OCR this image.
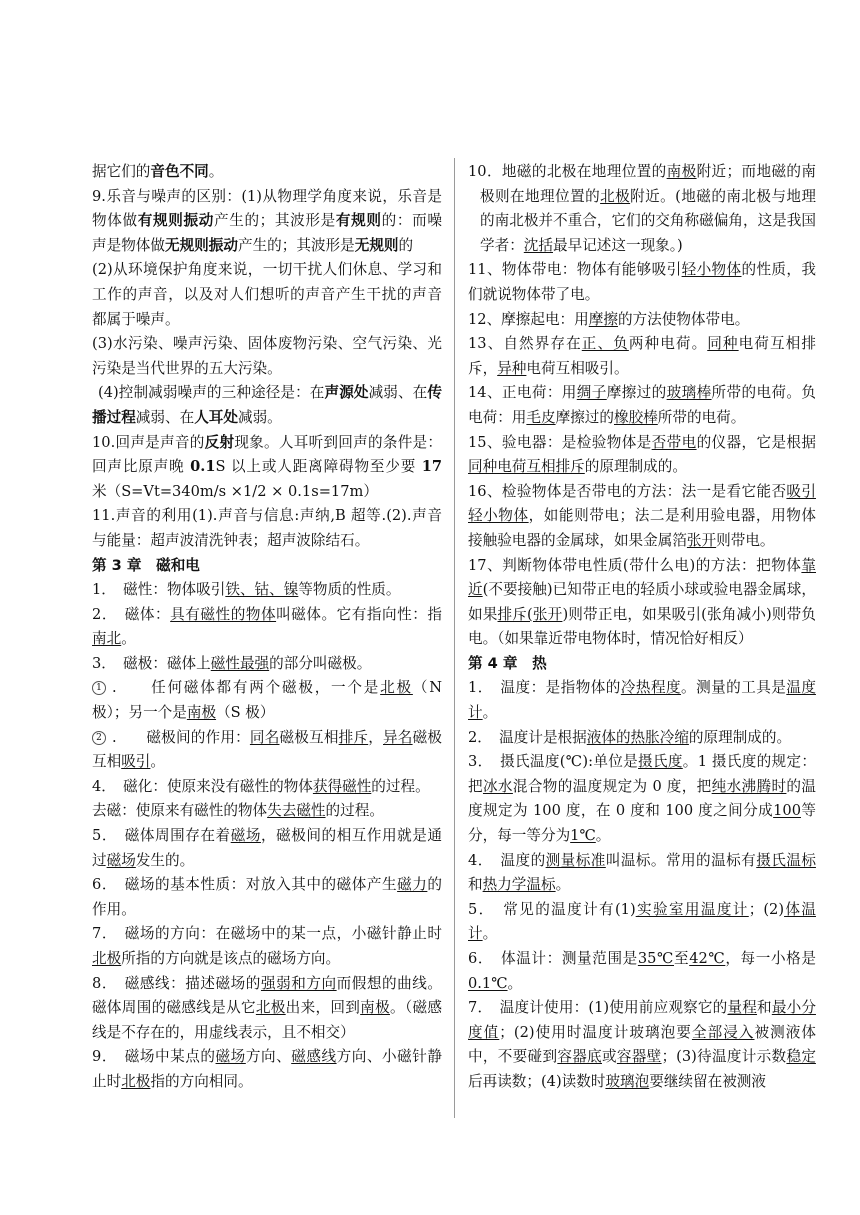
据它们的音色不同。

9.乐音与噪声的区别：(1)从物理学角度来说，乐音是物体做有规则振动产生的；其波形是有规则的：而噪声是物体做无规则振动产生的；其波形是无规则的

(2)从环境保护角度来说，一切干扰人们休息、学习和工作的声音，以及对人们想听的声音产生干扰的声音都属于噪声。

(3)水污染、噪声污染、固体废物污染、空气污染、光污染是当代世界的五大污染。

(4)控制减弱噪声的三种途径是：在声源处减弱、在传播过程减弱、在人耳处减弱。

10.回声是声音的反射现象。人耳听到回声的条件是：回声比原声晚 0.1S 以上或人距离障碍物至少要 17 米（S=Vt=340m/s ×1/2 × 0.1s=17m）

11.声音的利用(1).声音与信息:声纳,B 超等.(2).声音与能量：超声波清洗钟表；超声波除结石。

第 3 章　磁和电

1．　磁性：物体吸引铁、钴、镍等物质的性质。

2．　磁体：具有磁性的物体叫磁体。它有指向性：指南北。

3．　磁极：磁体上磁性最强的部分叫磁极。

1 .　　任何磁体都有两个磁极，一个是北极（N 极）；另一个是南极（S 极）

2 .　　磁极间的作用：同名磁极互相排斥，异名磁极互相吸引。

4．　磁化：使原来没有磁性的物体获得磁性的过程。

去磁：使原来有磁性的物体失去磁性的过程。

5．　磁体周围存在着磁场，磁极间的相互作用就是通过磁场发生的。

6．　磁场的基本性质：对放入其中的磁体产生磁力的作用。

7．　磁场的方向：在磁场中的某一点，小磁针静止时北极所指的方向就是该点的磁场方向。

8．　磁感线：描述磁场的强弱和方向而假想的曲线。磁体周围的磁感线是从它北极出来，回到南极。（磁感线是不存在的，用虚线表示，且不相交）

9．　磁场中某点的磁场方向、磁感线方向、小磁针静止时北极指的方向相同。

10．地磁的北极在地理位置的南极附近；而地磁的南极则在地理位置的北极附近。(地磁的南北极与地理的南北极并不重合，它们的交角称磁偏角，这是我国学者：沈括最早记述这一现象。)

11、物体带电：物体有能够吸引轻小物体的性质，我们就说物体带了电。

12、摩擦起电：用摩擦的方法使物体带电。

13、自然界存在正、负两种电荷。同种电荷互相排斥，异种电荷互相吸引。

14、正电荷：用绸子摩擦过的玻璃棒所带的电荷。负电荷：用毛皮摩擦过的橡胶棒所带的电荷。

15、验电器：是检验物体是否带电的仪器，它是根据同种电荷互相排斥的原理制成的。

16、检验物体是否带电的方法：法一是看它能否吸引轻小物体，如能则带电；法二是利用验电器，用物体接触验电器的金属球，如果金属箔张开则带电。

17、判断物体带电性质(带什么电)的方法：把物体靠近(不要接触)已知带正电的轻质小球或验电器金属球，如果排斥(张开)则带正电，如果吸引(张角减小)则带负电。（如果靠近带电物体时，情况恰好相反）

第 4 章　热

1．　温度：是指物体的冷热程度。测量的工具是温度计。

2．　温度计是根据液体的热胀冷缩的原理制成的。

3．　摄氏温度(℃):单位是摄氏度。1 摄氏度的规定：把冰水混合物的温度规定为 0 度，把纯水沸腾时的温度规定为 100 度，在 0 度和 100 度之间分成100等分，每一等分为1℃。

4．　温度的测量标准叫温标。常用的温标有摄氏温标和热力学温标。

5．　常见的温度计有(1)实验室用温度计；(2)体温计。

6．　体温计：测量范围是35℃至42℃，每一小格是0.1℃。

7．　温度计使用：(1)使用前应观察它的量程和最小分度值；(2)使用时温度计玻璃泡要全部浸入被测液体中，不要碰到容器底或容器壁；(3)待温度计示数稳定后再读数；(4)读数时玻璃泡要继续留在被测液
